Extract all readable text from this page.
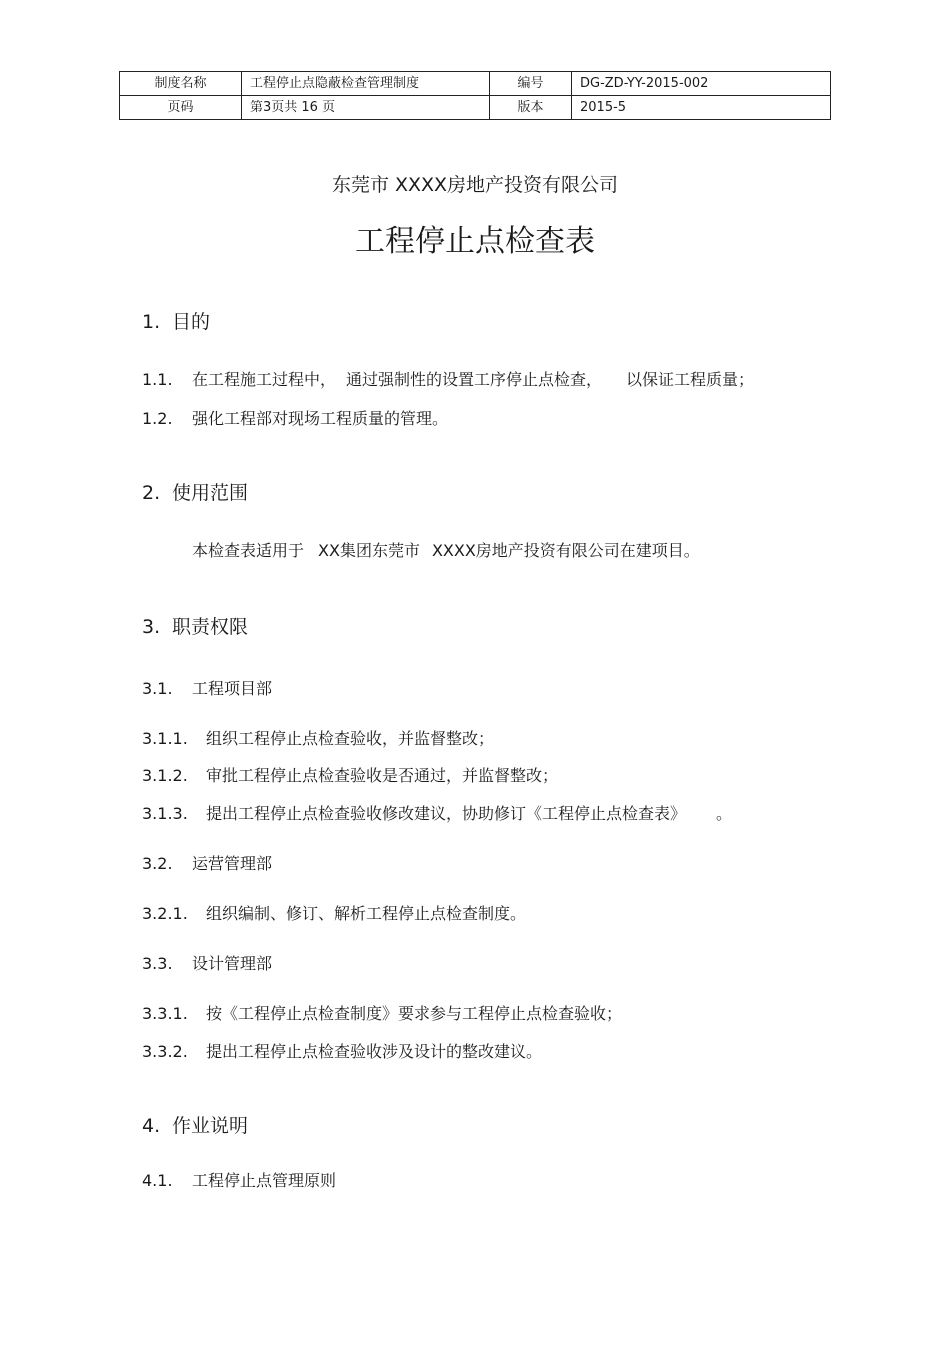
制度名称	工程停止点隐蔽检查管理制度	编号	DG-ZD-YY-2015-002
页码	第3页共 16 页	版本	2015-5
东莞市 XXXX房地产投资有限公司
工程停止点检查表
1. 目的
1.1. 在工程施工过程中， 通过强制性的设置工序停止点检查， 以保证工程质量；
1.2. 强化工程部对现场工程质量的管理。
2. 使用范围
本检查表适用于 XX集团东莞市 XXXX房地产投资有限公司在建项目。
3. 职责权限
3.1. 工程项目部
3.1.1. 组织工程停止点检查验收，并监督整改；
3.1.2. 审批工程停止点检查验收是否通过，并监督整改；
3.1.3. 提出工程停止点检查验收修改建议，协助修订《工程停止点检查表》 。
3.2. 运营管理部
3.2.1. 组织编制、修订、解析工程停止点检查制度。
3.3. 设计管理部
3.3.1. 按《工程停止点检查制度》要求参与工程停止点检查验收；
3.3.2. 提出工程停止点检查验收涉及设计的整改建议。
4. 作业说明
4.1. 工程停止点管理原则
